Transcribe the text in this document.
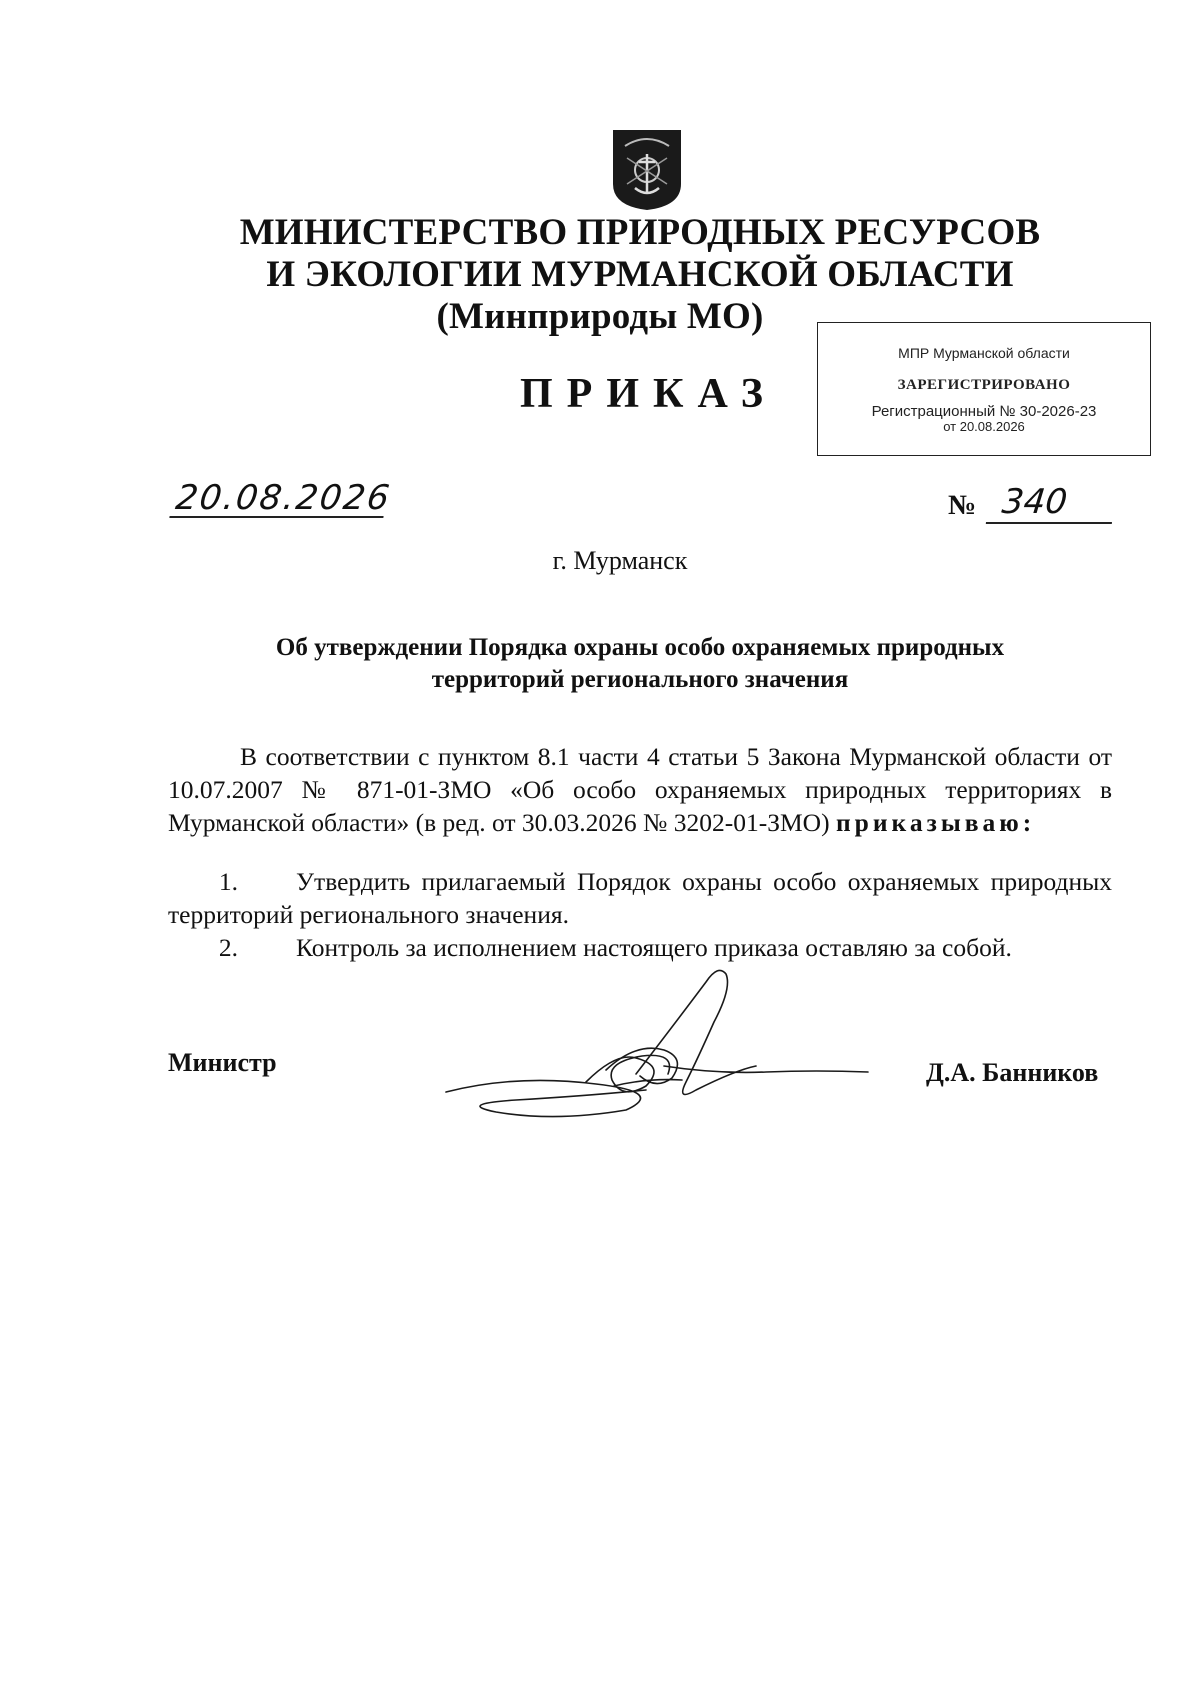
МИНИСТЕРСТВО ПРИРОДНЫХ РЕСУРСОВ
И ЭКОЛОГИИ МУРМАНСКОЙ ОБЛАСТИ
(Минприроды МО)
ПРИКАЗ
МПР Мурманской области
ЗАРЕГИСТРИРОВАНО
Регистрационный № 30-2026-23
от 20.08.2026
20.08.2026	№ 340
г. Мурманск
Об утверждении Порядка охраны особо охраняемых природных
территорий регионального значения
В соответствии с пунктом 8.1 части 4 статьи 5 Закона Мурманской области от 10.07.2007 № 871-01-ЗМО «Об особо охраняемых природных территориях в Мурманской области» (в ред. от 30.03.2026 № 3202-01-ЗМО) приказываю:
1. Утвердить прилагаемый Порядок охраны особо охраняемых природных территорий регионального значения.
2. Контроль за исполнением настоящего приказа оставляю за собой.
Министр	Д.А. Банников
